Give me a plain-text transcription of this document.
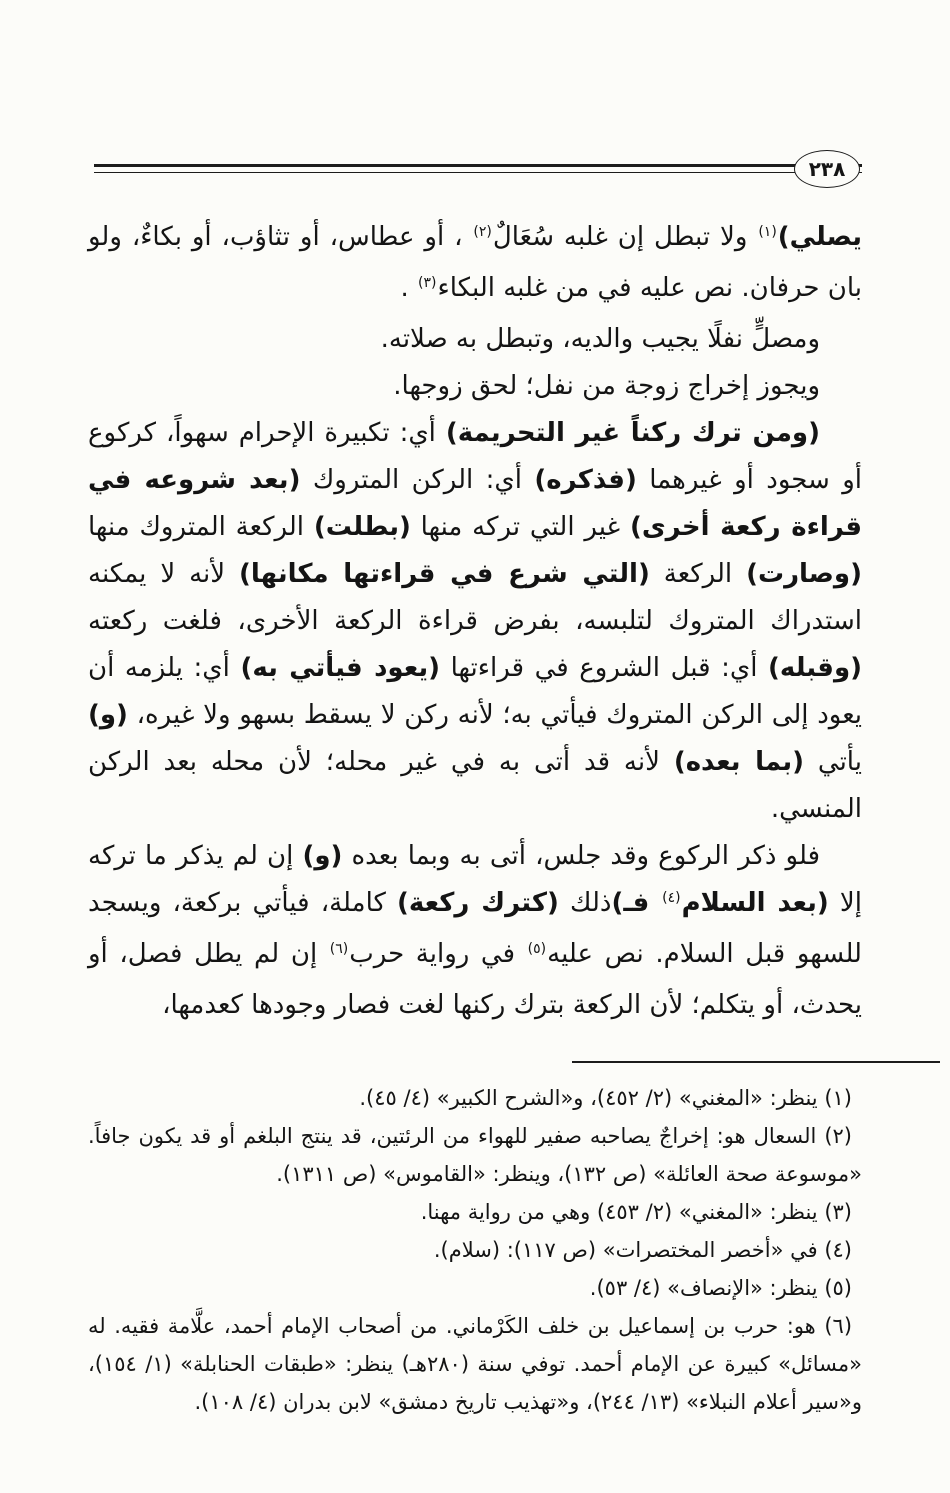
٢٣٨

يصلي)$^{(١)}$ ولا تبطل إن غلبه سُعَالٌ$^{(٢)}$ ، أو عطاس، أو تثاؤب، أو بكاءٌ، ولو بان حرفان. نص عليه في من غلبه البكاء$^{(٣)}$ .

ومصلٍّ نفلًا يجيب والديه، وتبطل به صلاته.

ويجوز إخراج زوجة من نفل؛ لحق زوجها.

(ومن ترك ركناً غير التحريمة) أي: تكبيرة الإحرام سهواً، كركوع أو سجود أو غيرهما (فذكره) أي: الركن المتروك (بعد شروعه في قراءة ركعة أخرى) غير التي تركه منها (بطلت) الركعة المتروك منها (وصارت) الركعة (التي شرع في قراءتها مكانها) لأنه لا يمكنه استدراك المتروك لتلبسه، بفرض قراءة الركعة الأخرى، فلغت ركعته (وقبله) أي: قبل الشروع في قراءتها (يعود فيأتي به) أي: يلزمه أن يعود إلى الركن المتروك فيأتي به؛ لأنه ركن لا يسقط بسهو ولا غيره، (و) يأتي (بما بعده) لأنه قد أتى به في غير محله؛ لأن محله بعد الركن المنسي.

فلو ذكر الركوع وقد جلس، أتى به وبما بعده (و) إن لم يذكر ما تركه إلا (بعد السلام$^{(٤)}$ فـ)ذلك (كترك ركعة) كاملة، فيأتي بركعة، ويسجد للسهو قبل السلام. نص عليه$^{(٥)}$ في رواية حرب$^{(٦)}$ إن لم يطل فصل، أو يحدث، أو يتكلم؛ لأن الركعة بترك ركنها لغت فصار وجودها كعدمها،

(١) ينظر: «المغني» (٢/ ٤٥٢)، و«الشرح الكبير» (٤/ ٤٥).

(٢) السعال هو: إخراجٌ يصاحبه صفير للهواء من الرئتين، قد ينتج البلغم أو قد يكون جافاً. «موسوعة صحة العائلة» (ص ١٣٢)، وينظر: «القاموس» (ص ١٣١١).

(٣) ينظر: «المغني» (٢/ ٤٥٣) وهي من رواية مهنا.

(٤) في «أخصر المختصرات» (ص ١١٧): (سلام).

(٥) ينظر: «الإنصاف» (٤/ ٥٣).

(٦) هو: حرب بن إسماعيل بن خلف الكَرْماني. من أصحاب الإمام أحمد، علَّامة فقيه. له «مسائل» كبيرة عن الإمام أحمد. توفي سنة (٢٨٠هـ) ينظر: «طبقات الحنابلة» (١/ ١٥٤)، و«سير أعلام النبلاء» (١٣/ ٢٤٤)، و«تهذيب تاريخ دمشق» لابن بدران (٤/ ١٠٨).
